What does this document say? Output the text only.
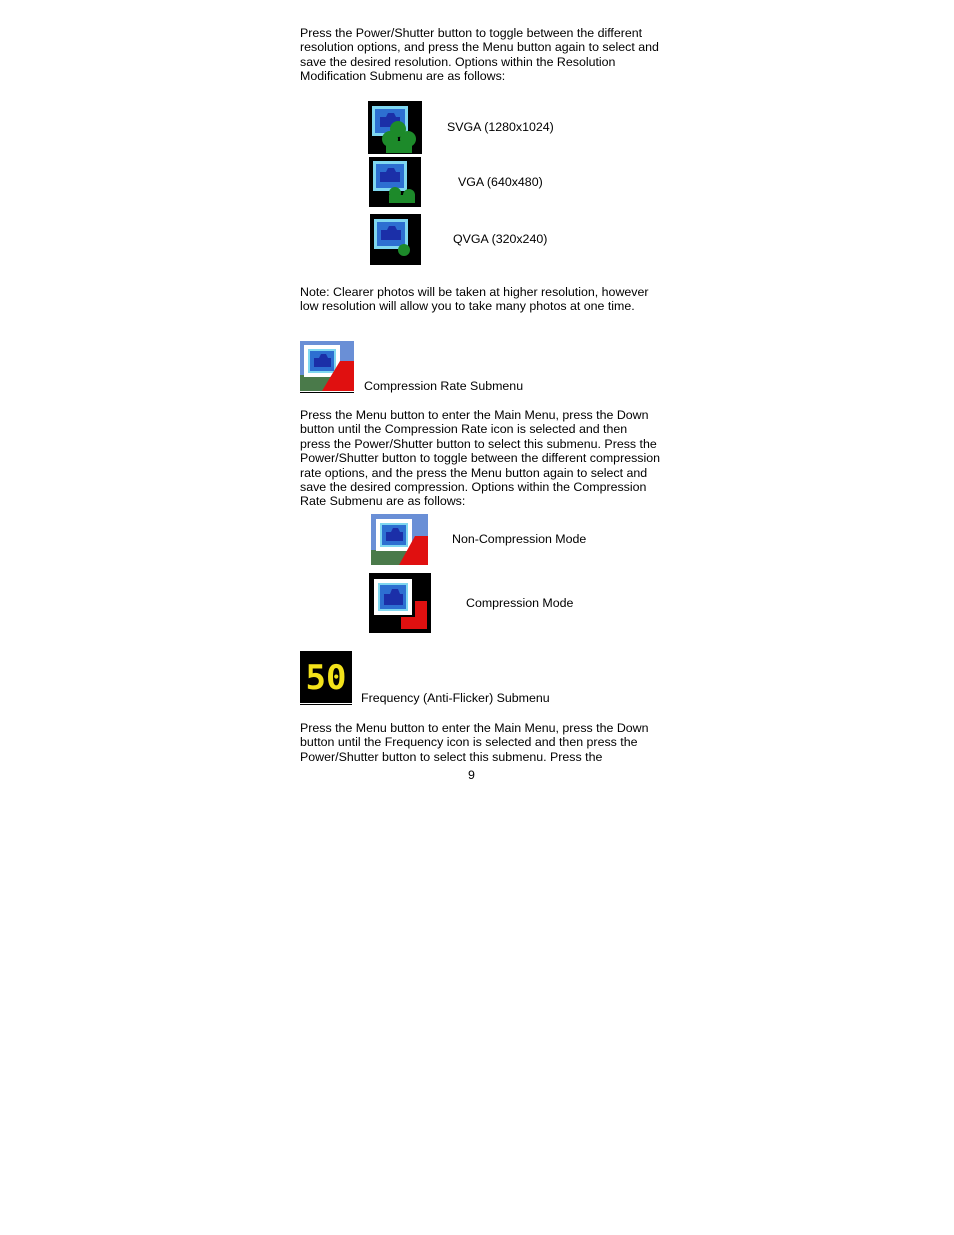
Press the Power/Shutter button to toggle between the different resolution options, and press the Menu button again to select and save the desired resolution. Options within the Resolution Modification Submenu are as follows:
SVGA (1280x1024)
VGA (640x480)
QVGA (320x240)
Note: Clearer photos will be taken at higher resolution, however low resolution will allow you to take many photos at one time.
Compression Rate Submenu
Press the Menu button to enter the Main Menu, press the Down button until the Compression Rate icon is selected and then press the Power/Shutter button to select this submenu. Press the Power/Shutter button to toggle between the different compression rate options, and the press the Menu button again to select and save the desired compression. Options within the Compression Rate Submenu are as follows:
Non-Compression Mode
Compression Mode
50 Frequency (Anti-Flicker) Submenu
Press the Menu button to enter the Main Menu, press the Down button until the Frequency icon is selected and then press the Power/Shutter button to select this submenu. Press the
9
